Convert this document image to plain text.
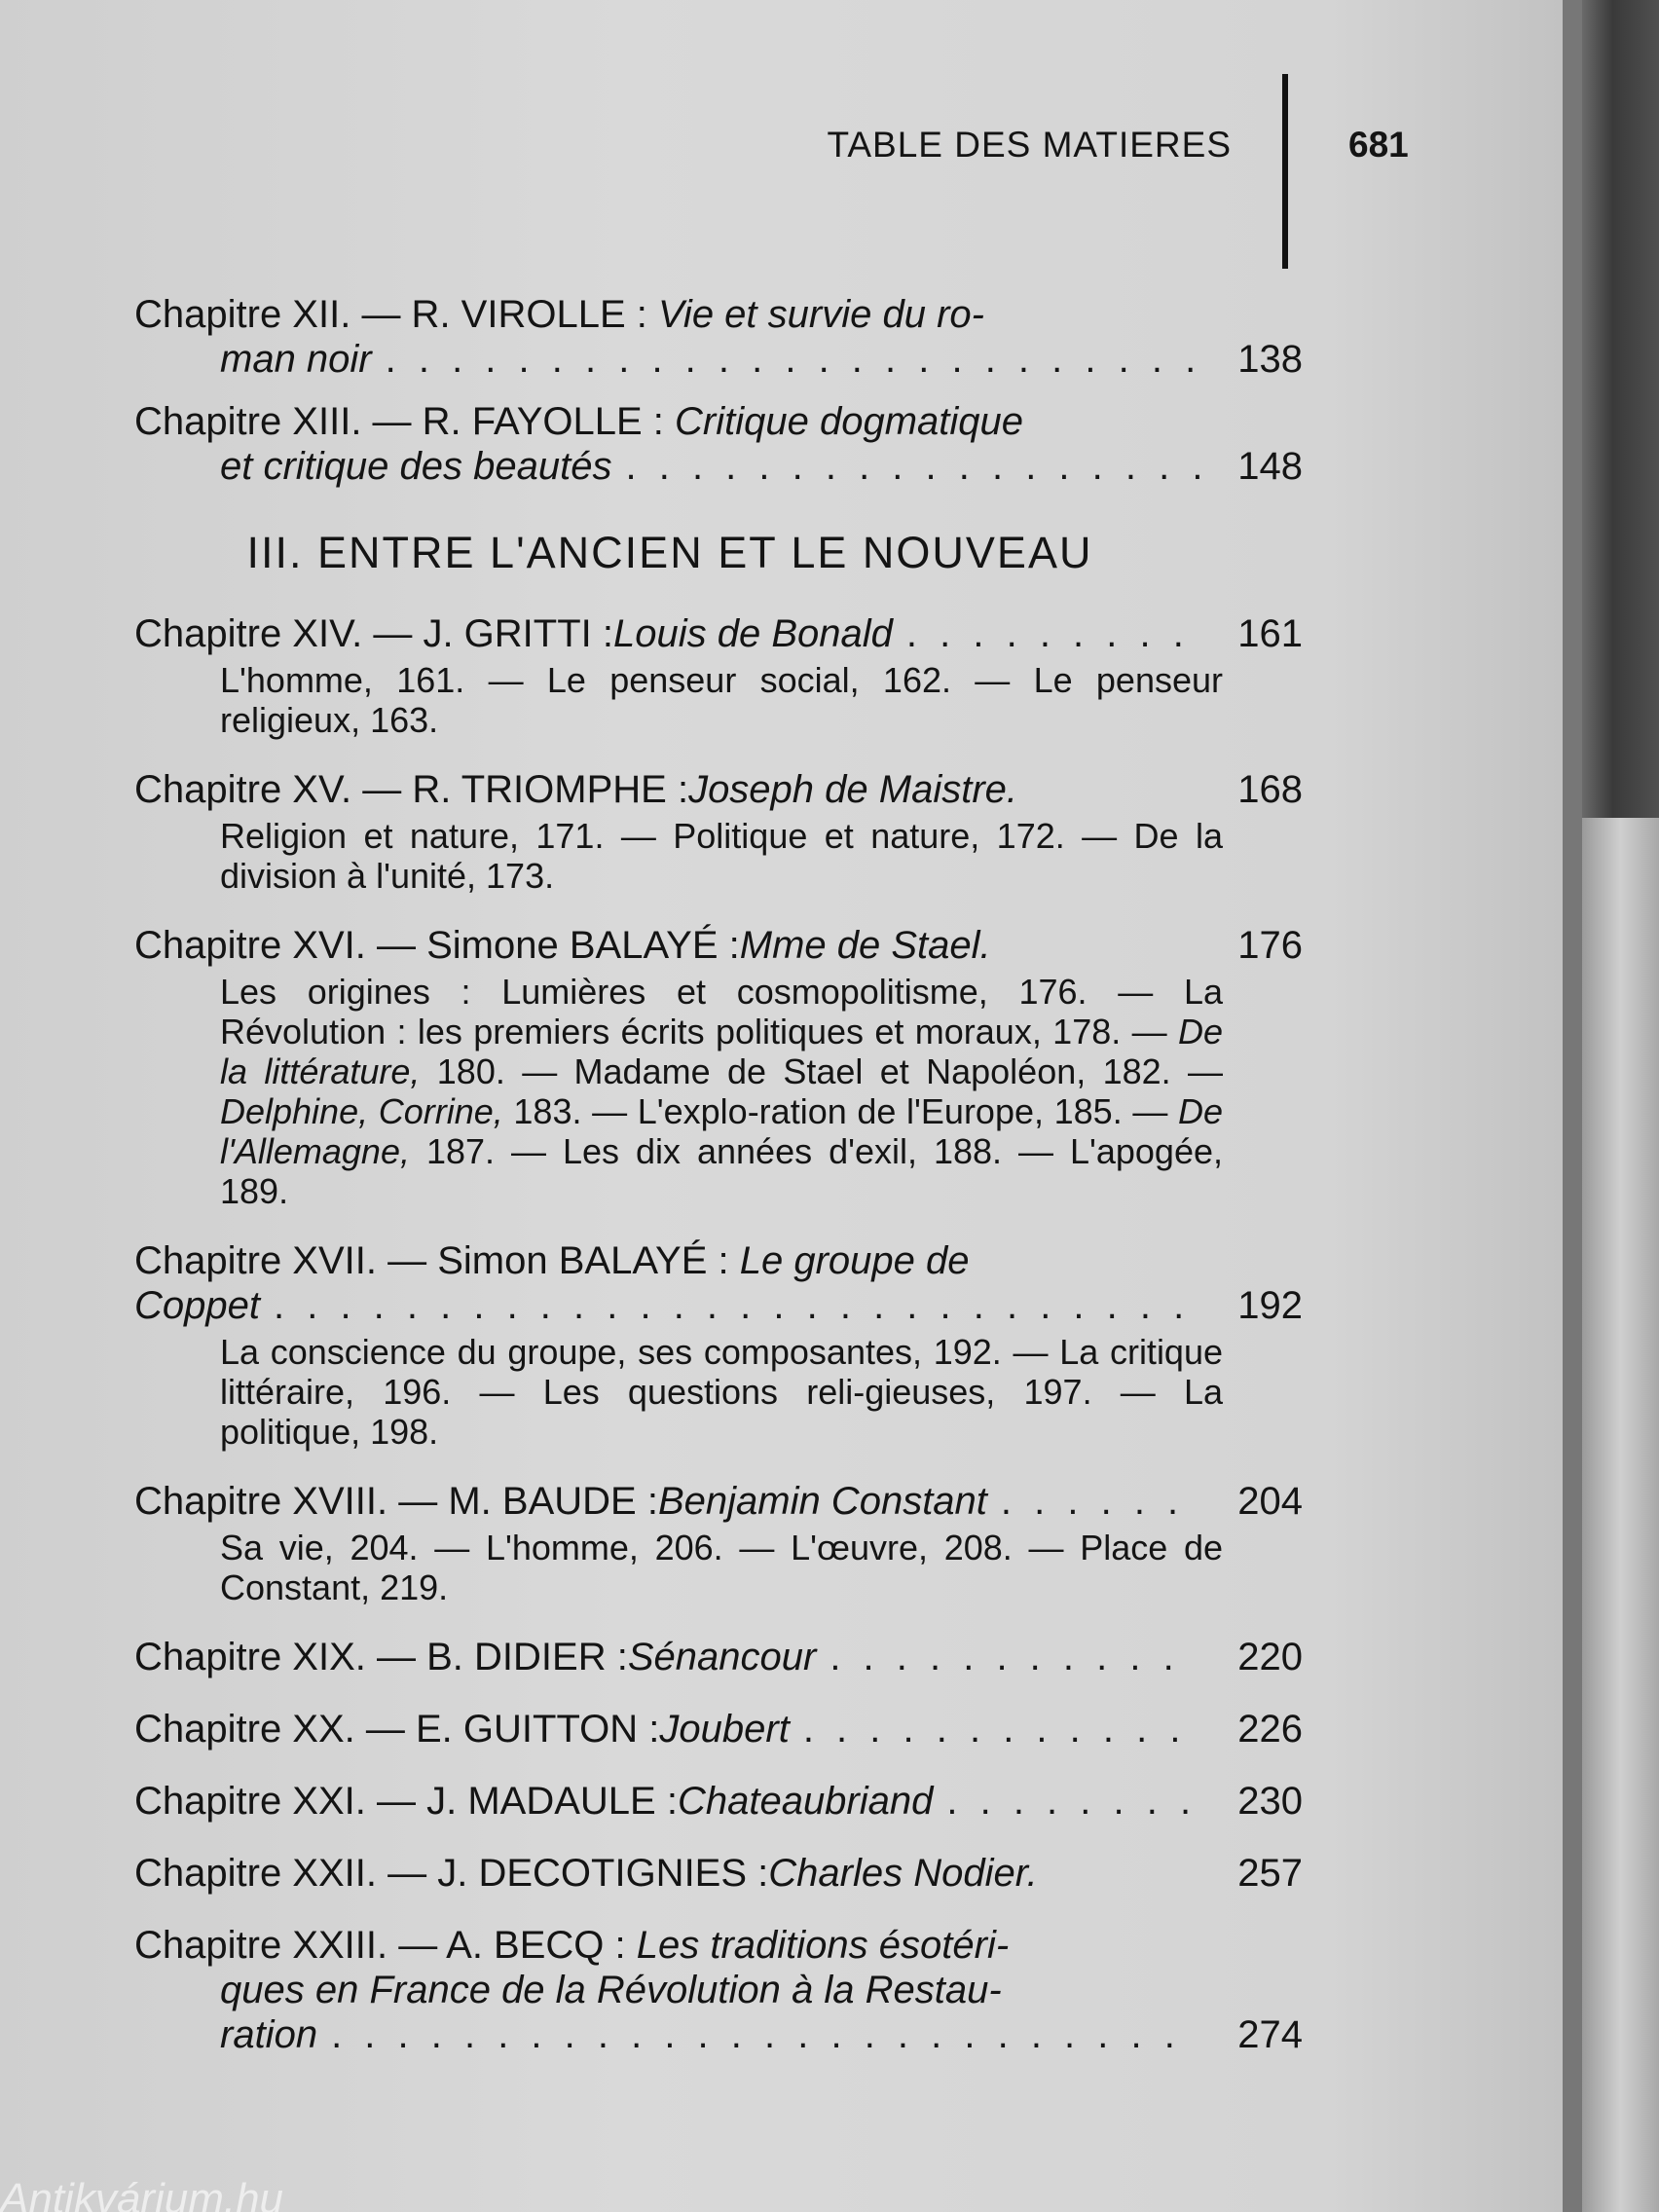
TABLE DES MATIERES	681
Chapitre XII. — R. VIROLLE : Vie et survie du ro-
man noir . . .	138
Chapitre XIII. — R. FAYOLLE : Critique dogmatique
et critique des beautés . . .	148
III. ENTRE L'ANCIEN ET LE NOUVEAU
Chapitre XIV. — J. GRITTI : Louis de Bonald . . .	161
L'homme, 161. — Le penseur social, 162. — Le penseur religieux, 163.
Chapitre XV. — R. TRIOMPHE : Joseph de Maistre.	168
Religion et nature, 171. — Politique et nature, 172. — De la division à l'unité, 173.
Chapitre XVI. — Simone BALAYÉ : Mme de Stael.	176
Les origines : Lumières et cosmopolitisme, 176. — La Révolution : les premiers écrits politiques et moraux, 178. — De la littérature, 180. — Madame de Stael et Napoléon, 182. — Delphine, Corrine, 183. — L'explo-ration de l'Europe, 185. — De l'Allemagne, 187. — Les dix années d'exil, 188. — L'apogée, 189.
Chapitre XVII. — Simon BALAYÉ : Le groupe de
Coppet . . .	192
La conscience du groupe, ses composantes, 192. — La critique littéraire, 196. — Les questions reli-gieuses, 197. — La politique, 198.
Chapitre XVIII. — M. BAUDE : Benjamin Constant . . .	204
Sa vie, 204. — L'homme, 206. — L'œuvre, 208. — Place de Constant, 219.
Chapitre XIX. — B. DIDIER : Sénancour . . .	220
Chapitre XX. — E. GUITTON : Joubert . . .	226
Chapitre XXI. — J. MADAULE : Chateaubriand . . .	230
Chapitre XXII. — J. DECOTIGNIES : Charles Nodier.	257
Chapitre XXIII. — A. BECQ : Les traditions ésotéri-
ques en France de la Révolution à la Restau-
ration . . .	274
Antikvárium.hu
